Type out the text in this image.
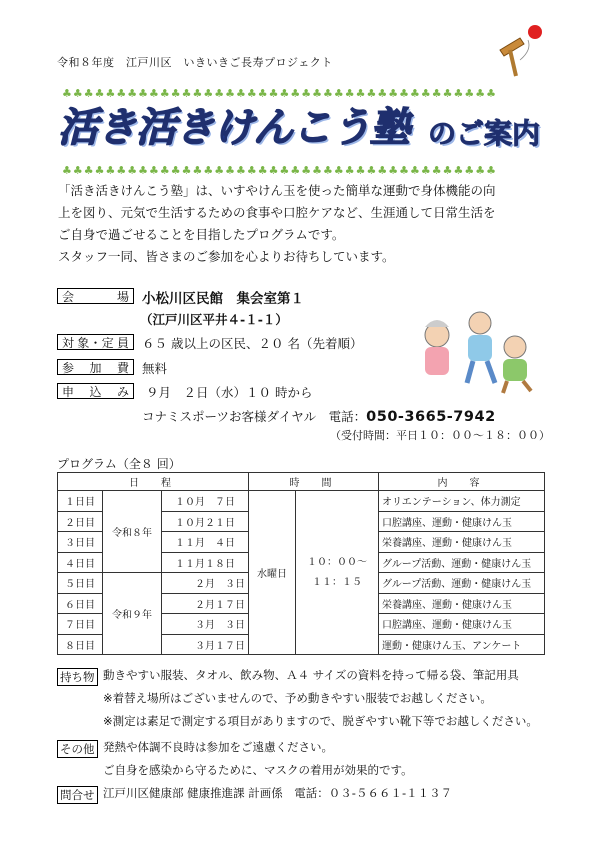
令和８年度　江戸川区　いきいきご長寿プロジェクト
♣♣♣♣♣♣♣♣♣♣♣♣♣♣♣♣♣♣♣♣♣♣♣♣♣♣♣♣♣♣♣♣♣♣♣♣♣♣♣♣
活き活きけんこう塾 のご案内
♣♣♣♣♣♣♣♣♣♣♣♣♣♣♣♣♣♣♣♣♣♣♣♣♣♣♣♣♣♣♣♣♣♣♣♣♣♣♣♣
「活き活きけんこう塾」は、いすやけん玉を使った簡単な運動で身体機能の向
上を図り、元気で生活するための食事や口腔ケアなど、生涯通して日常生活を
ご自身で過ごせることを目指したプログラムです。
スタッフ一同、皆さまのご参加を心よりお待ちしています。
会　場 小松川区民館　集会室第１
（江戸川区平井４-１-１）
対象･定員	６５ 歳以上の区民、２０ 名（先着順）
参 加 費	無料
申 込 み	９月　２日（水）１０ 時から
コナミスポーツお客様ダイヤル　電話：050-3665-7942
（受付時間：平日１０：００～１８：００）
プログラム（全８ 回）
日　程			時　間		内　容
１日目	令和８年	１０月　７日	水曜日	１０：００～
１１：１５	オリエンテーション、体力測定
２日目		１０月２１日			口腔講座、運動・健康けん玉
３日目		１１月　４日			栄養講座、運動・健康けん玉
４日目		１１月１８日			グループ活動、運動・健康けん玉
５日目	令和９年	２月　３日			グループ活動、運動・健康けん玉
６日目		２月１７日			栄養講座、運動・健康けん玉
７日目		３月　３日			口腔講座、運動・健康けん玉
８日目		３月１７日			運動・健康けん玉、アンケート
持ち物 動きやすい服装、タオル、飲み物、Ａ４ サイズの資料を持って帰る袋、筆記用具
※着替え場所はございませんので、予め動きやすい服装でお越しください。
※測定は素足で測定する項目がありますので、脱ぎやすい靴下等でお越しください。
その他 発熱や体調不良時は参加をご遠慮ください。
ご自身を感染から守るために、マスクの着用が効果的です。
問合せ 江戸川区健康部 健康推進課 計画係　電話：０３-５６６１-１１３７
